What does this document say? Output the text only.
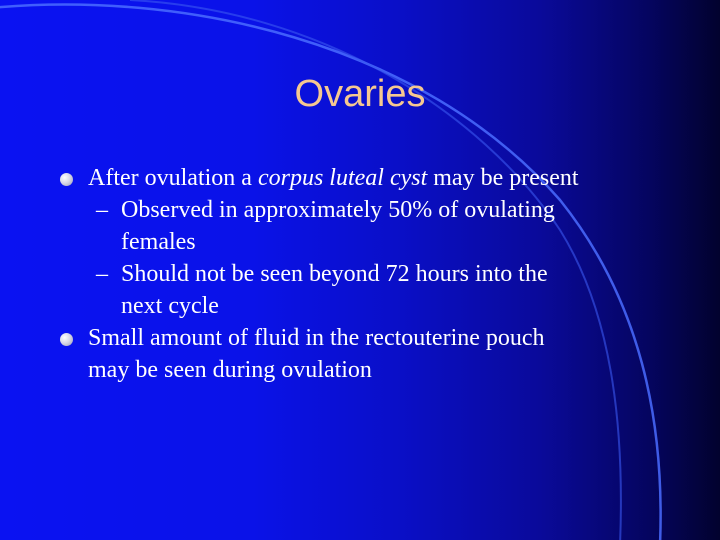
Ovaries
After ovulation a corpus luteal cyst may be present
– Observed in approximately 50% of ovulating
females
– Should not be seen beyond 72 hours into the
next cycle
Small amount of fluid in the rectouterine pouch
may be seen during ovulation
